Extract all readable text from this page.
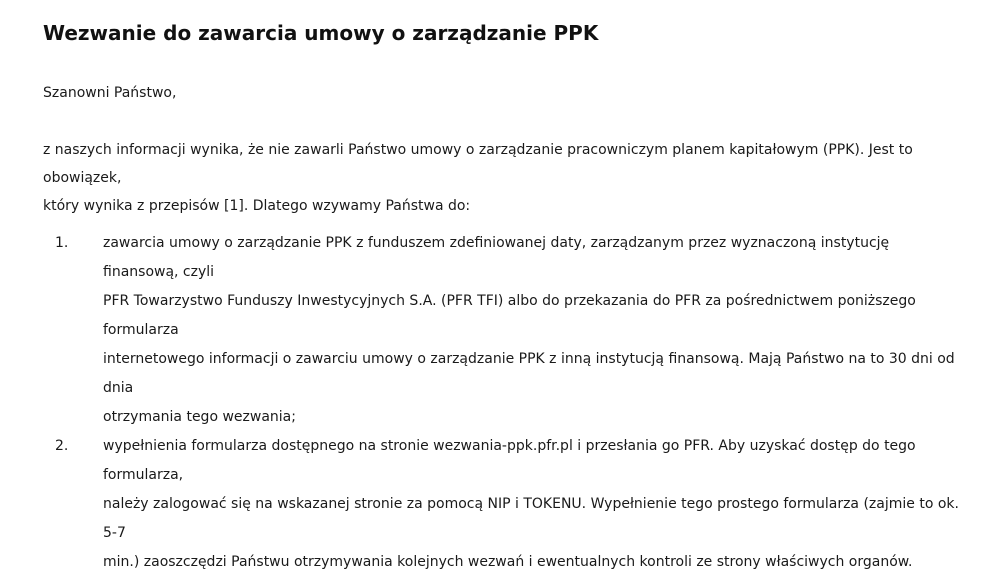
Wezwanie do zawarcia umowy o zarządzanie PPK

Szanowni Państwo,

z naszych informacji wynika, że nie zawarli Państwo umowy o zarządzanie pracowniczym planem kapitałowym (PPK). Jest to obowiązek,
który wynika z przepisów [1]. Dlatego wzywamy Państwa do:

1. zawarcia umowy o zarządzanie PPK z funduszem zdefiniowanej daty, zarządzanym przez wyznaczoną instytucję finansową, czyli
PFR Towarzystwo Funduszy Inwestycyjnych S.A. (PFR TFI) albo do przekazania do PFR za pośrednictwem poniższego formularza
internetowego informacji o zawarciu umowy o zarządzanie PPK z inną instytucją finansową. Mają Państwo na to 30 dni od dnia
otrzymania tego wezwania;
2. wypełnienia formularza dostępnego na stronie wezwania-ppk.pfr.pl i przesłania go PFR. Aby uzyskać dostęp do tego formularza,
należy zalogować się na wskazanej stronie za pomocą NIP i TOKENU. Wypełnienie tego prostego formularza (zajmie to ok. 5-7
min.) zaoszczędzi Państwu otrzymywania kolejnych wezwań i ewentualnych kontroli ze strony właściwych organów.
